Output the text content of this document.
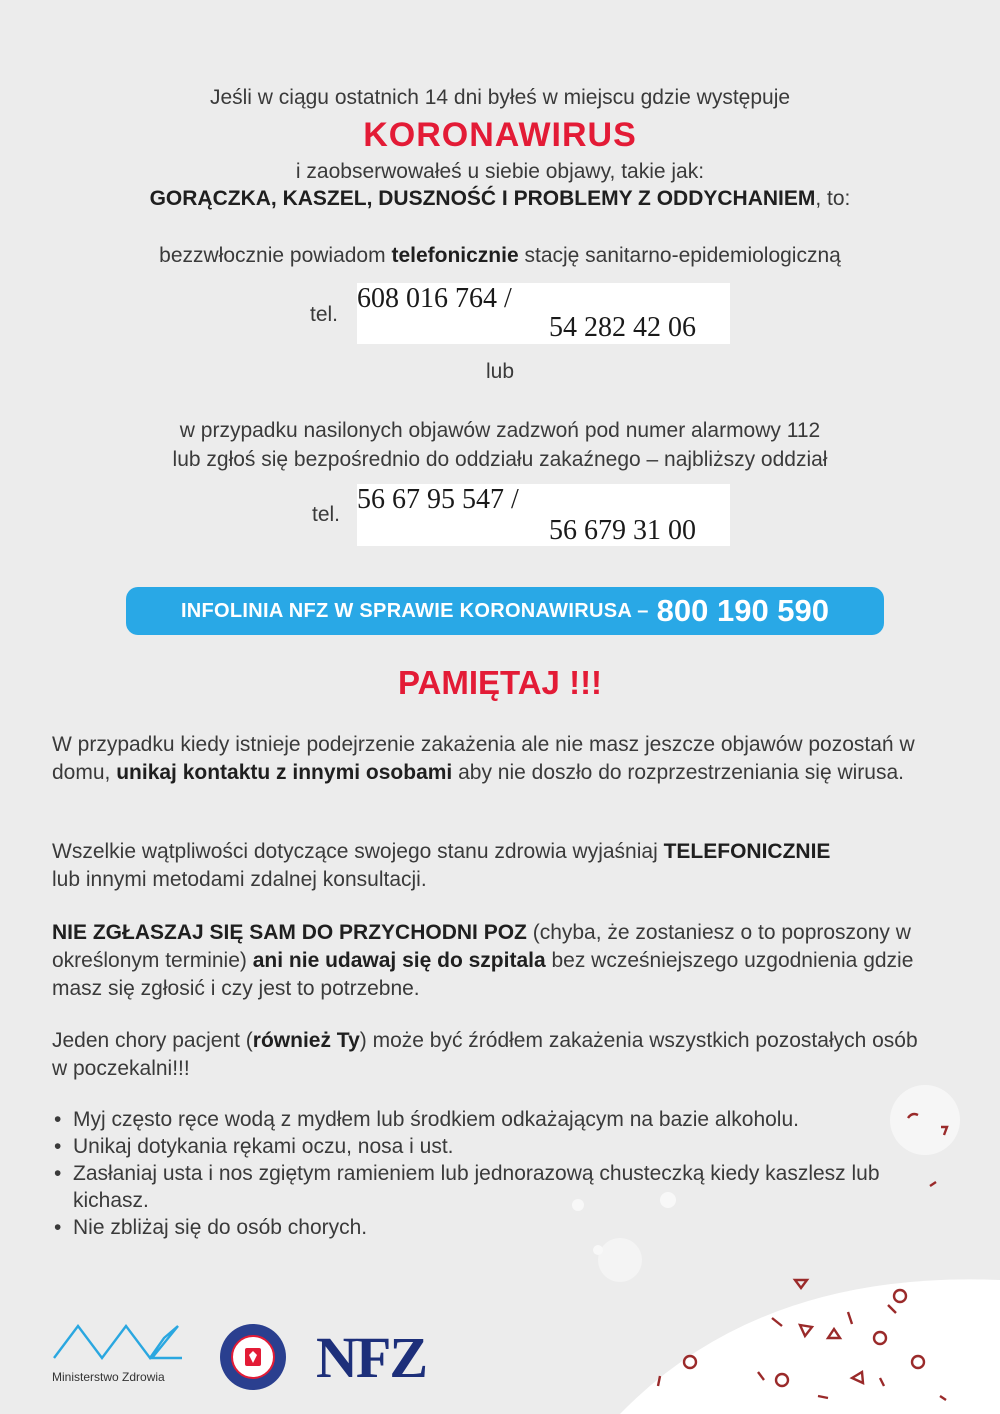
Jeśli w ciągu ostatnich 14 dni byłeś w miejscu gdzie występuje
KORONAWIRUS
i zaobserwowałeś u siebie objawy, takie jak:
GORĄCZKA, KASZEL, DUSZNOŚĆ I PROBLEMY Z ODDYCHANIEM, to:
bezzwłocznie powiadom telefonicznie stację sanitarno-epidemiologiczną
tel.
608 016 764 /
54 282 42 06
lub
w przypadku nasilonych objawów zadzwoń pod numer alarmowy 112
lub zgłoś się bezpośrednio do oddziału zakaźnego – najbliższy oddział
tel. 56 67 95 547 /
56 679 31 00
INFOLINIA NFZ W SPRAWIE KORONAWIRUSA – 800 190 590
PAMIĘTAJ !!!
W przypadku kiedy istnieje podejrzenie zakażenia ale nie masz jeszcze objawów pozostań w domu, unikaj kontaktu z innymi osobami aby nie doszło do rozprzestrzeniania się wirusa.
Wszelkie wątpliwości dotyczące swojego stanu zdrowia wyjaśniaj TELEFONICZNIE
lub innymi metodami zdalnej konsultacji.
NIE ZGŁASZAJ SIĘ SAM DO PRZYCHODNI POZ (chyba, że zostaniesz o to poproszony w określonym terminie) ani nie udawaj się do szpitala bez wcześniejszego uzgodnienia gdzie masz się zgłosić i czy jest to potrzebne.
Jeden chory pacjent (również Ty) może być źródłem zakażenia wszystkich pozostałych osób w poczekalni!!!
• Myj często ręce wodą z mydłem lub środkiem odkażającym na bazie alkoholu.
• Unikaj dotykania rękami oczu, nosa i ust.
• Zasłaniaj usta i nos zgiętym ramieniem lub jednorazową chusteczką kiedy kaszlesz lub kichasz.
• Nie zbliżaj się do osób chorych.
Ministerstwo Zdrowia	NFZ
